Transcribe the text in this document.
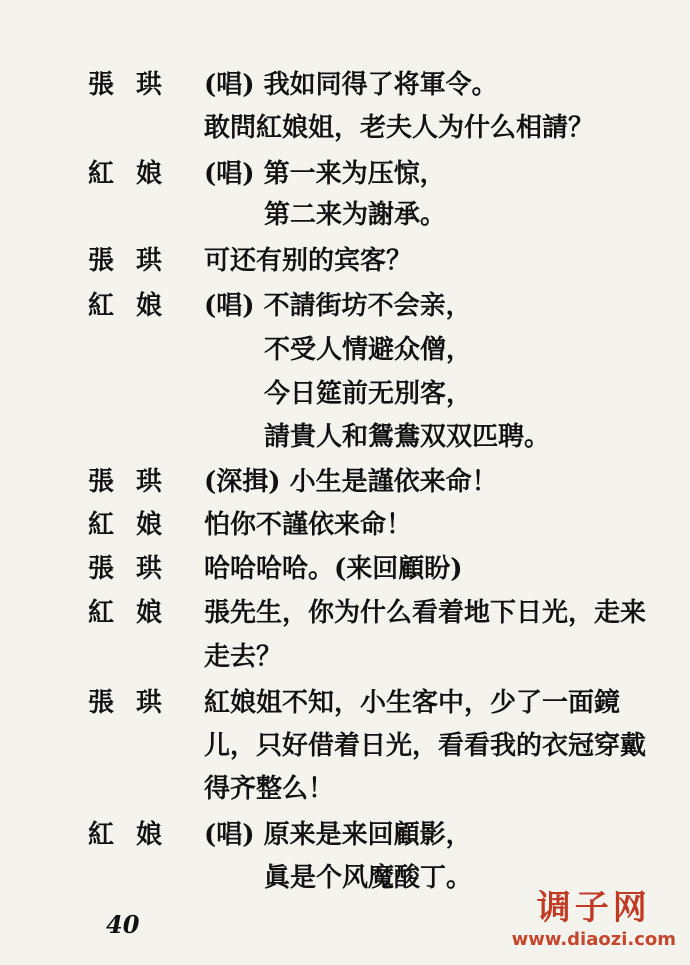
張珙 (唱) 我如同得了将軍令。
敢問紅娘姐，老夫人为什么相請？
紅娘 (唱) 第一来为压惊，
第二来为謝承。
張珙 可还有别的宾客？
紅娘 (唱) 不請街坊不会亲，
不受人情避众僧，
今日筵前无別客，
請貴人和鴛鴦双双匹聘。
張珙 (深揖) 小生是謹依来命！
紅娘 怕你不謹依来命！
張珙 哈哈哈哈。(来回顧盼)
紅娘 張先生，你为什么看着地下日光，走来
走去？
張珙 紅娘姐不知，小生客中，少了一面鏡
儿，只好借着日光，看看我的衣冠穿戴
得齐整么！
紅娘 (唱) 原来是来回顧影，
眞是个风魔酸丁。
40	调子网
www.diaozi.com
